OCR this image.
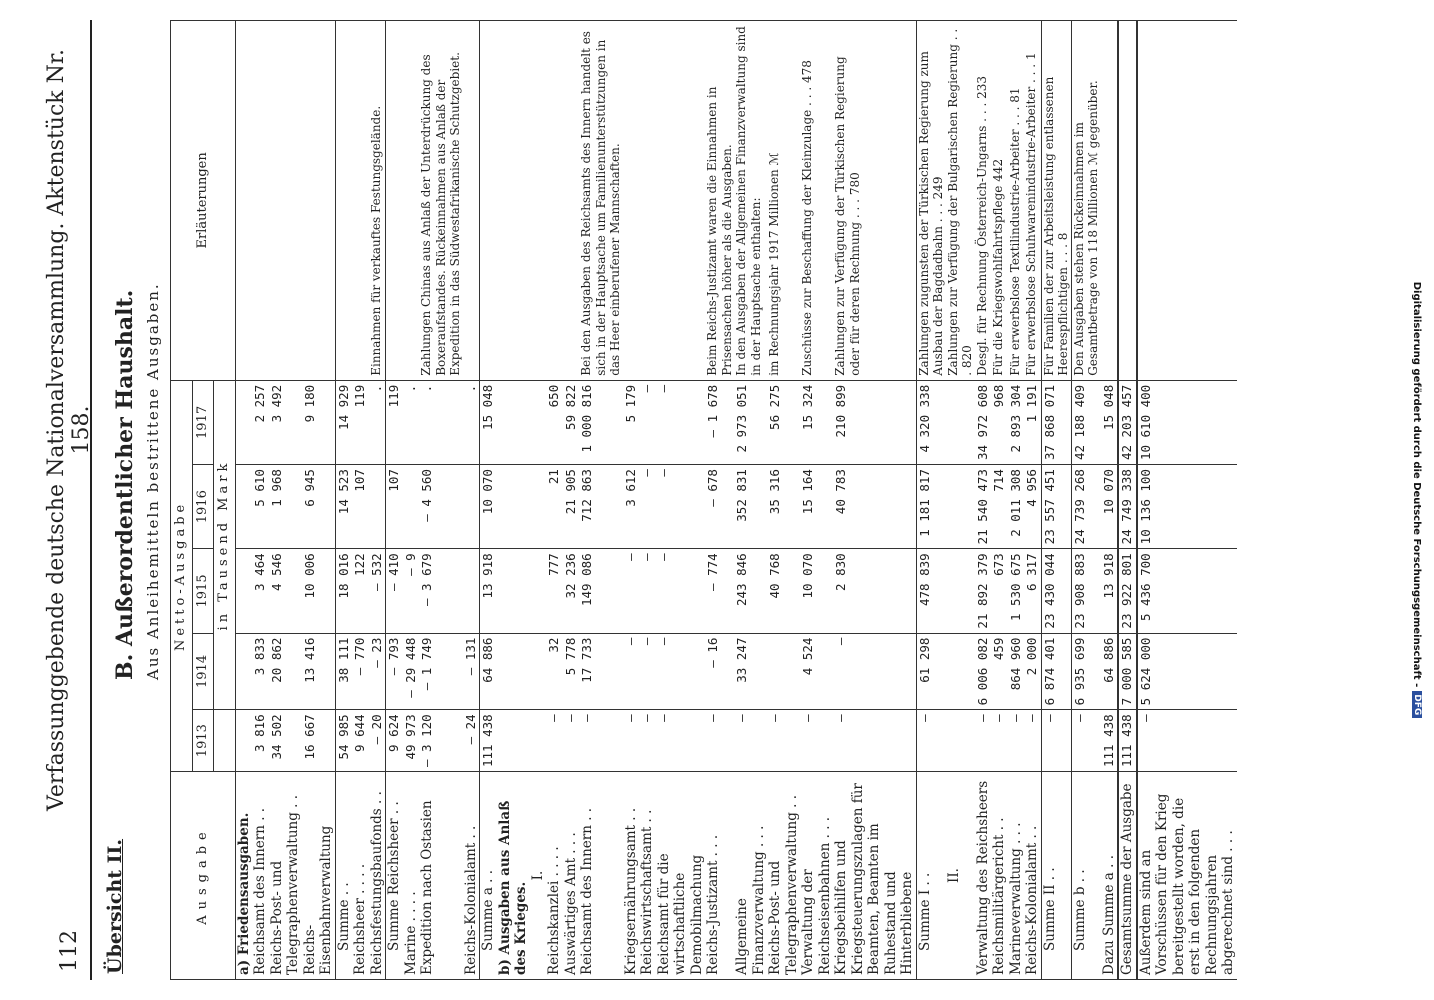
112
Verfassunggebende deutsche Nationalversammlung. Aktenstück Nr. 158.
Übersicht II.
B. Außerordentlicher Haushalt. Aus Anleihemitteln bestrittene Ausgaben.
Ausgabe	Netto-Ausgabe					Erläuterungen
	1913	1914	1915	1916	1917	
		in Tausend Mark				
a) Friedensausgaben.						
Reichsamt des Innern . .	3 816	3 833	3 464	5 610	2 257	
Reichs-Post- und Telegraphenverwaltung . .	34 502	20 862	4 546	1 968	3 492	
Reichs-Eisenbahnverwaltung	16 667	13 416	10 006	6 945	9 180	
Summe . .	54 985	38 111	18 016	14 523	14 929	
Reichsheer . . . .	9 644	— 770	122	107	119	
Reichsfestungsbaufonds . .	— 20	— 23	— 532		.	Einnahmen für verkauftes Festungsgelände.

Summe Reichsheer . .	9 624	— 793	— 410	107	119	
Marine . . . .	49 973	— 29 448	— 9		.	
Expedition nach Ostasien	— 3 120	— 1 749	— 3 679	— 4 560	.	Zahlungen Chinas aus Anlaß der Unterdrückung des Boxeraufstandes. Rückeinnahmen aus Anlaß der Expedition in das Südwestafrikanische Schutzgebiet.

Reichs-Kolonialamt . .	— 24	— 131			.	
Summe a . .	111 438	64 886	13 918	10 070	15 048	
b) Ausgaben aus Anlaß des Krieges.						
I.						
Reichskanzlei . . . .	—	32	777	21	650	
Auswärtiges Amt . . .	—	5 778	32 236	21 905	59 822	
Reichsamt des Innern . .	—	17 733	149 086	712 863	1 000 816	Bei den Ausgaben des Reichsamts des Innern handelt es sich in der Hauptsache um Familienunterstützungen in das Heer einberufener Mannschaften.

Kriegsernährungsamt . .	—	—	—	3 612	5 179	
Reichswirtschaftsamt . .	—	—	—	—	—	
Reichsamt für die wirtschaftliche Demobilmachung	—	—	—	—	—	
Reichs-Justizamt . . .	—	— 16	— 774	— 678	— 1 678	Beim Reichs-Justizamt waren die Einnahmen in Prisensachen höher als die Ausgaben.

Allgemeine Finanzverwaltung . . .	—	33 247	243 846	352 831	2 973 051	In den Ausgaben der Allgemeinen Finanzverwaltung sind in der Hauptsache enthalten:

Reichs-Post- und Telegraphenverwaltung . .	—		40 768	35 316	56 275	im Rechnungsjahr 1917 Millionen ℳ

Verwaltung der Reichseisenbahnen . . .	—	4 524	10 070	15 164	15 324	Zuschüsse zur Beschaffung der Kleinzulage . . . 478

Kriegsbeihilfen und Kriegsteuerungszulagen für Beamten, Beamten im Ruhestand und Hinterbliebene	—	—	2 830	40 783	210 899	Zahlungen zur Verfügung der Türkischen Regierung oder für deren Rechnung . . . 780

Summe I . .	—	61 298	478 839	1 181 817	4 320 338	Zahlungen zugunsten der Türkischen Regierung zum Ausbau der Bagdadbahn . . . 249

II.						Zahlungen zur Verfügung der Bulgarischen Regierung . . . 820

Verwaltung des Reichsheers	—	6 006 082	21 892 379	21 540 473	34 972 608	Desgl. für Rechnung Österreich-Ungarns . . . 233

Reichsmilitärgericht . .	—	459	673	714	968	Für die Kriegswohlfahrtspflege 442

Marineverwaltung . . .	—	864 960	1 530 675	2 011 308	2 893 304	Für erwerbslose Textilindustrie-Arbeiter . . . 81

Reichs-Kolonialamt . .	—	2 000	6 317	4 956	1 191	Für erwerbslose Schuhwarenindustrie-Arbeiter . . . 1

Summe II . .	—	6 874 401	23 430 044	23 557 451	37 868 071	Für Familien der zur Arbeitsleistung entlassenen Heerespflichtigen . . . 8

Summe b . .	—	6 935 699	23 908 883	24 739 268	42 188 409	Den Ausgaben stehen Rückeinnahmen im Gesamtbetrage von 118 Millionen ℳ gegenüber.

Dazu Summe a . .	111 438	64 886	13 918	10 070	15 048	
Gesamtsumme der Ausgabe	111 438	7 000 585	23 922 801	24 749 338	42 203 457	
Außerdem sind an Vorschüssen für den Krieg bereitgestellt worden, die erst in den folgenden Rechnungsjahren abgerechnet sind . . .	—	5 624 000	5 436 700	10 136 100	10 610 400		Digitalisierung gefördert durch die Deutsche Forschungsgemeinschaft -
DFG
